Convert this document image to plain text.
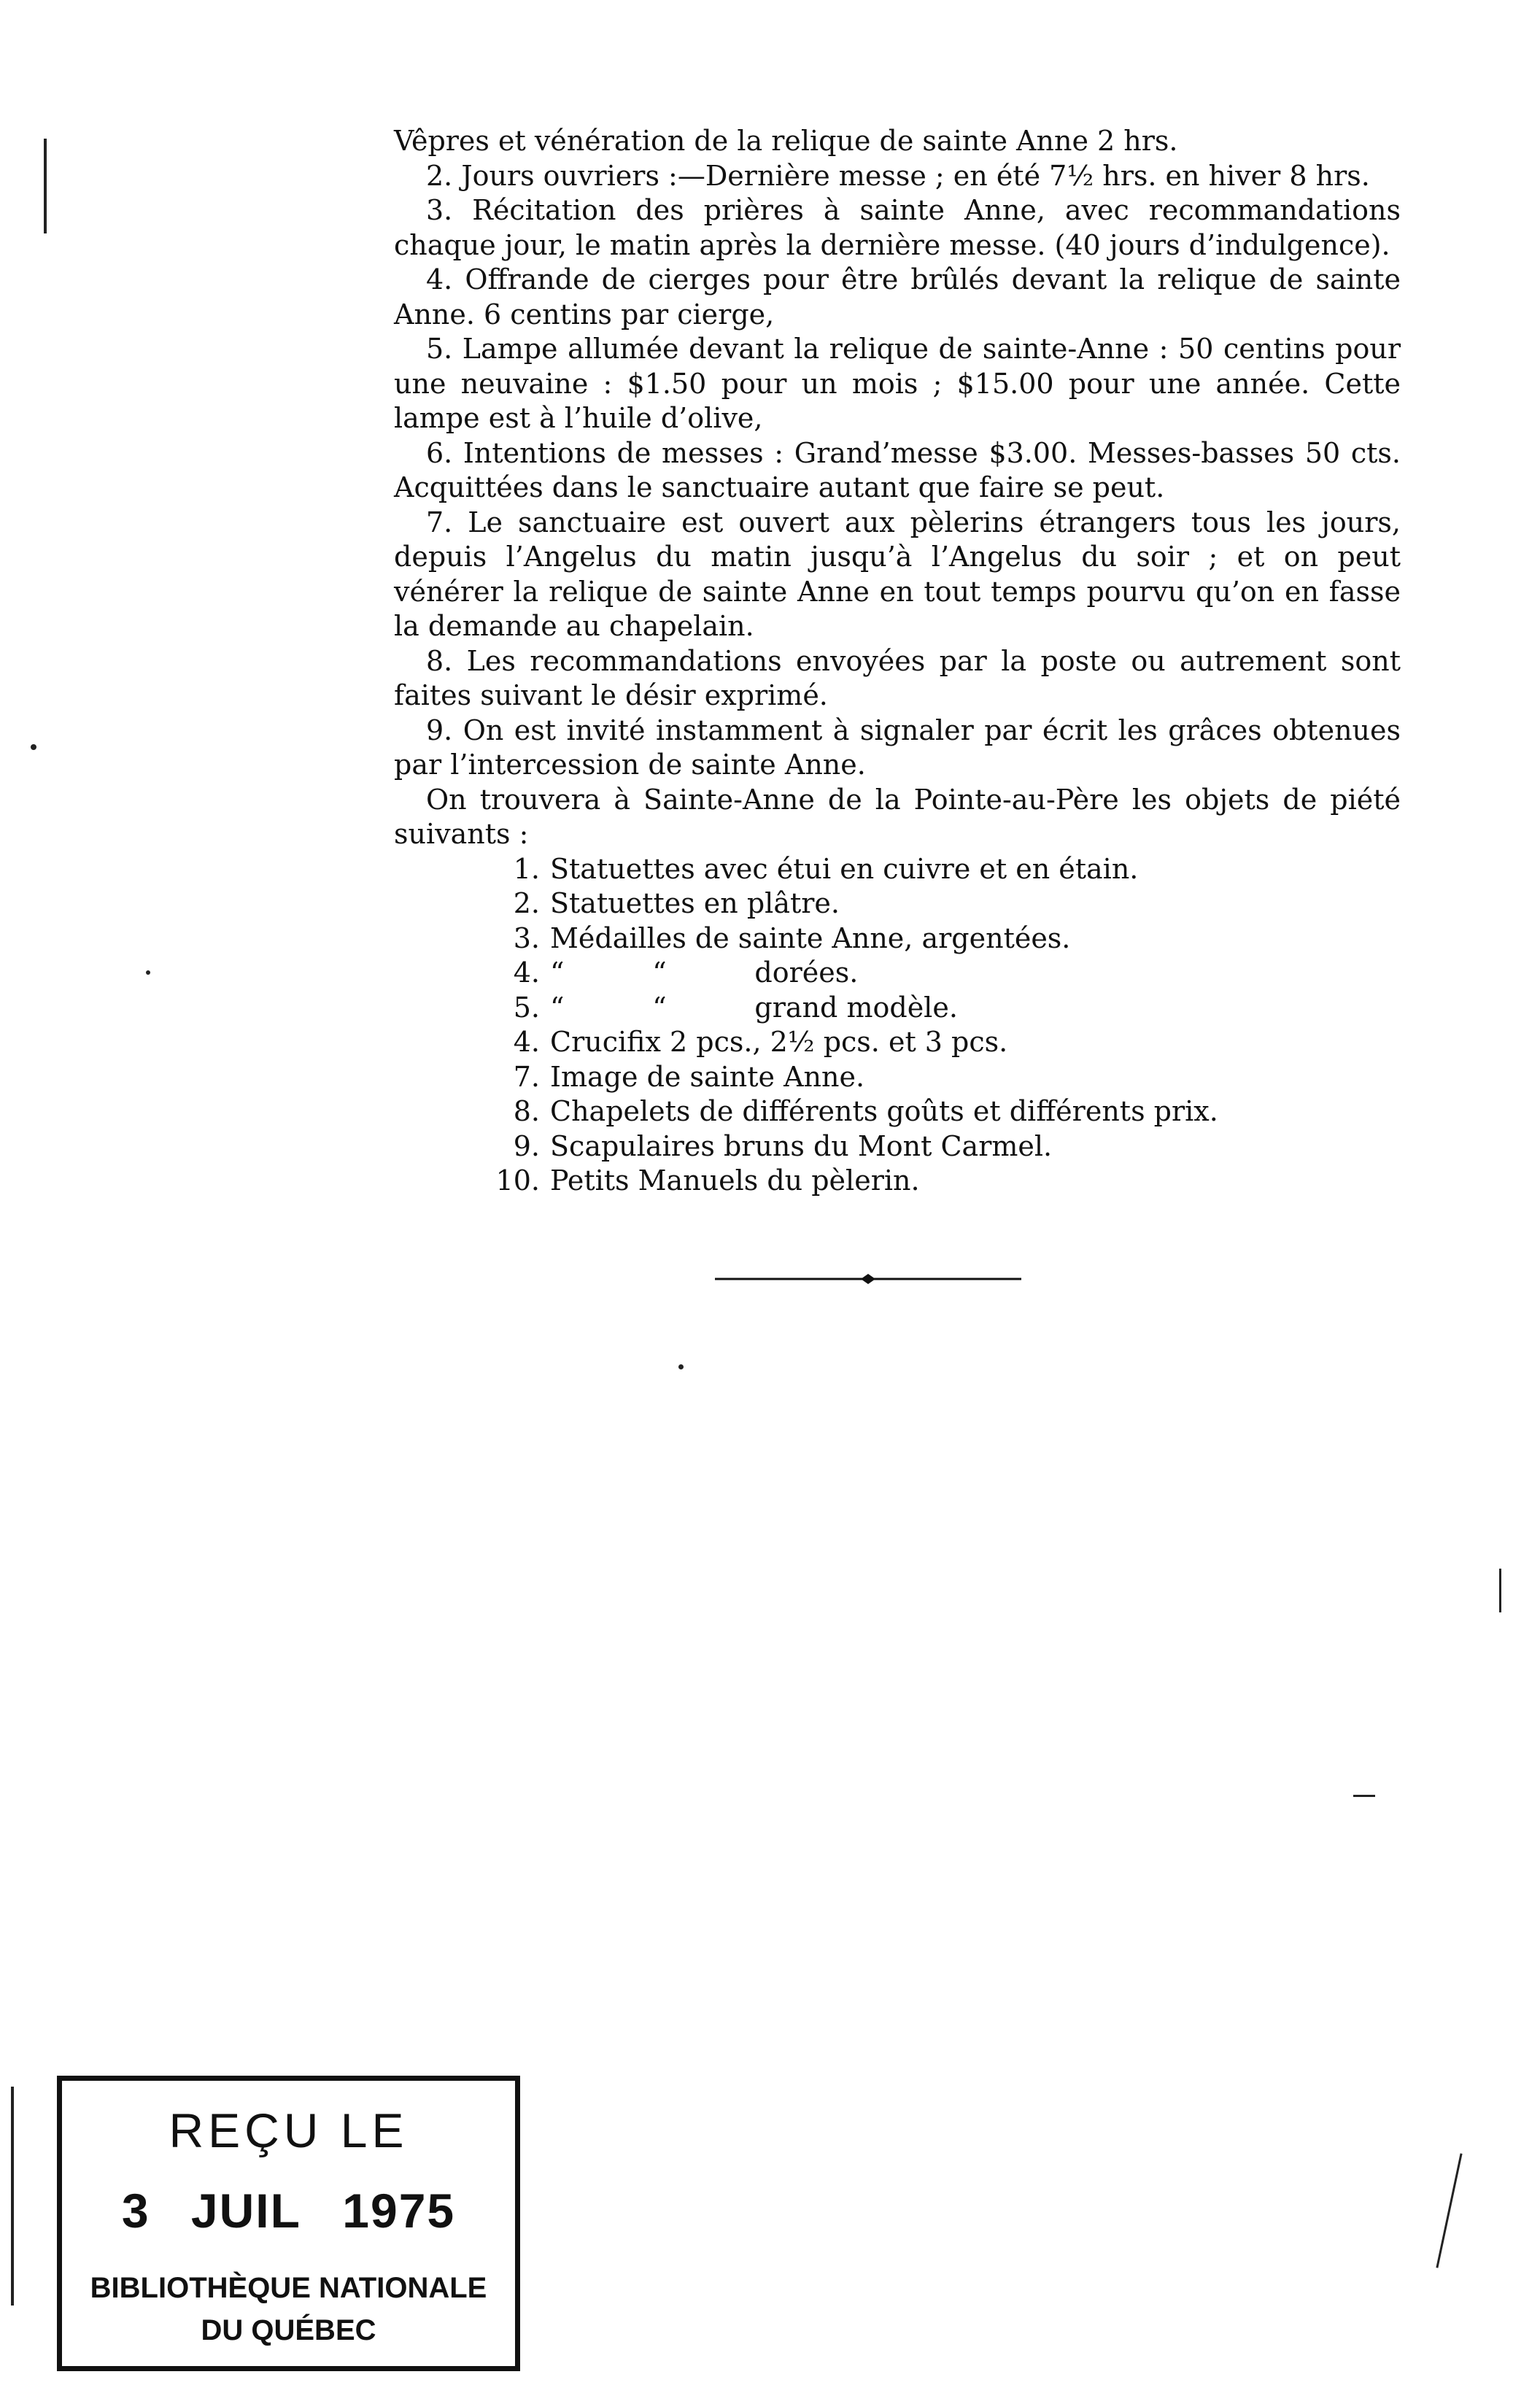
Vêpres et vénération de la relique de sainte Anne 2 hrs.

2. Jours ouvriers :—Dernière messe ; en été 7½ hrs. en hiver 8 hrs.

3. Récitation des prières à sainte Anne, avec recommandations chaque jour, le matin après la dernière messe. (40 jours d’indulgence).

4. Offrande de cierges pour être brûlés devant la relique de sainte Anne. 6 centins par cierge,

5. Lampe allumée devant la relique de sainte-Anne : 50 centins pour une neuvaine : $1.50 pour un mois ; $15.00 pour une année. Cette lampe est à l’huile d’olive,

6. Intentions de messes : Grand’messe $3.00. Messes-basses 50 cts. Acquittées dans le sanctuaire autant que faire se peut.

7. Le sanctuaire est ouvert aux pèlerins étrangers tous les jours, depuis l’Angelus du matin jusqu’à l’Angelus du soir ; et on peut vénérer la relique de sainte Anne en tout temps pourvu qu’on en fasse la demande au chapelain.

8. Les recommandations envoyées par la poste ou autrement sont faites suivant le désir exprimé.

9. On est invité instamment à signaler par écrit les grâces obtenues par l’intercession de sainte Anne.

On trouvera à Sainte-Anne de la Pointe-au-Père les objets de piété suivants :

1. Statuettes avec étui en cuivre et en étain.
2. Statuettes en plâtre.
3. Médailles de sainte Anne, argentées.
4. “          “          dorées.
5. “          “          grand modèle.
4. Crucifix 2 pcs., 2½ pcs. et 3 pcs.
7. Image de sainte Anne.
8. Chapelets de différents goûts et différents prix.
9. Scapulaires bruns du Mont Carmel.
10. Petits Manuels du pèlerin.
REÇU LE
3 JUIL 1975
BIBLIOTHÈQUE NATIONALE
DU QUÉBEC
